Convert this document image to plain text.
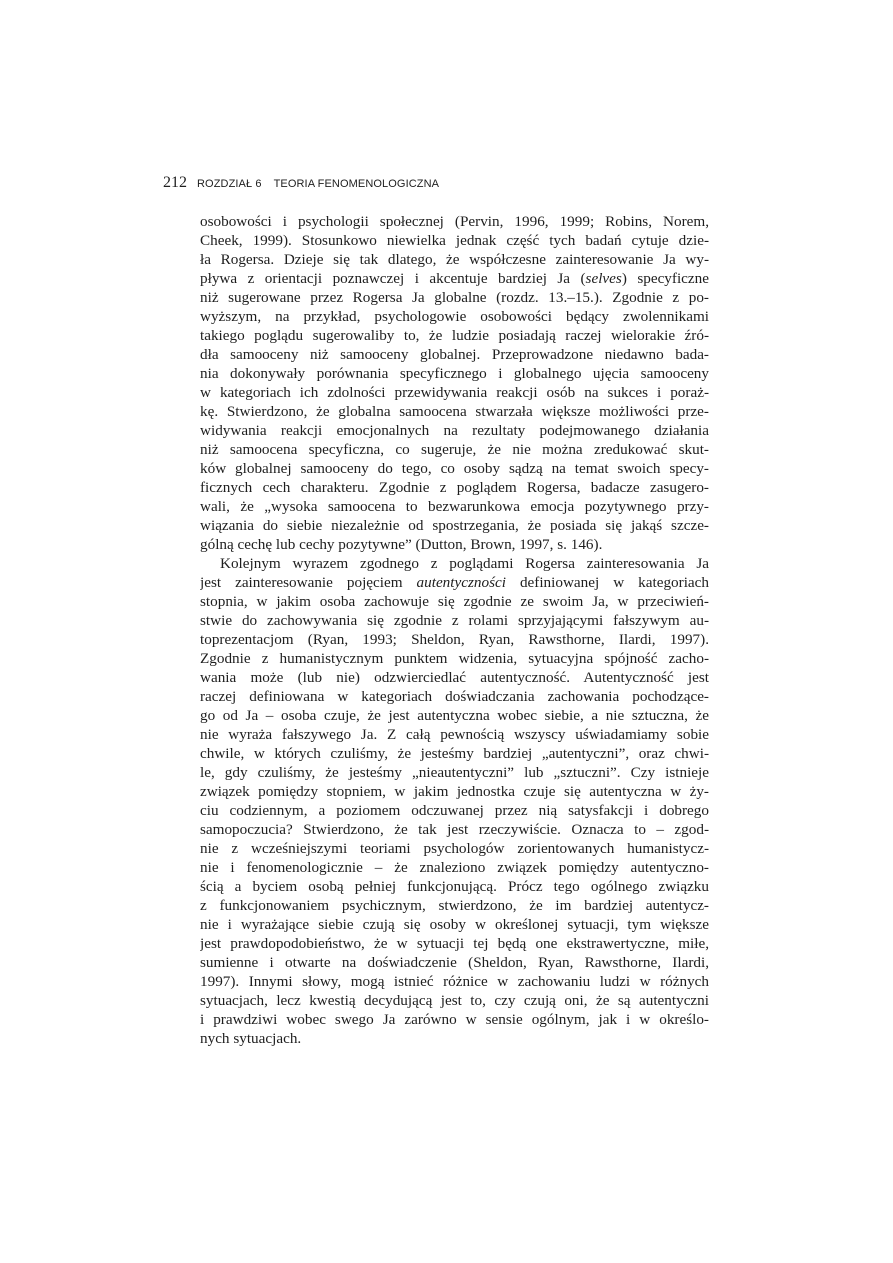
212 ROZDZIAŁ 6 TEORIA FENOMENOLOGICZNA
osobowości i psychologii społecznej (Pervin, 1996, 1999; Robins, Norem,
Cheek, 1999). Stosunkowo niewielka jednak część tych badań cytuje dzie-
ła Rogersa. Dzieje się tak dlatego, że współczesne zainteresowanie Ja wy-
pływa z orientacji poznawczej i akcentuje bardziej Ja (selves) specyficzne
niż sugerowane przez Rogersa Ja globalne (rozdz. 13.–15.). Zgodnie z po-
wyższym, na przykład, psychologowie osobowości będący zwolennikami
takiego poglądu sugerowaliby to, że ludzie posiadają raczej wielorakie źró-
dła samooceny niż samooceny globalnej. Przeprowadzone niedawno bada-
nia dokonywały porównania specyficznego i globalnego ujęcia samooceny
w kategoriach ich zdolności przewidywania reakcji osób na sukces i poraż-
kę. Stwierdzono, że globalna samoocena stwarzała większe możliwości prze-
widywania reakcji emocjonalnych na rezultaty podejmowanego działania
niż samoocena specyficzna, co sugeruje, że nie można zredukować skut-
ków globalnej samooceny do tego, co osoby sądzą na temat swoich specy-
ficznych cech charakteru. Zgodnie z poglądem Rogersa, badacze zasugero-
wali, że „wysoka samoocena to bezwarunkowa emocja pozytywnego przy-
wiązania do siebie niezależnie od spostrzegania, że posiada się jakąś szcze-
gólną cechę lub cechy pozytywne” (Dutton, Brown, 1997, s. 146).
Kolejnym wyrazem zgodnego z poglądami Rogersa zainteresowania Ja
jest zainteresowanie pojęciem autentyczności definiowanej w kategoriach
stopnia, w jakim osoba zachowuje się zgodnie ze swoim Ja, w przeciwień-
stwie do zachowywania się zgodnie z rolami sprzyjającymi fałszywym au-
toprezentacjom (Ryan, 1993; Sheldon, Ryan, Rawsthorne, Ilardi, 1997).
Zgodnie z humanistycznym punktem widzenia, sytuacyjna spójność zacho-
wania może (lub nie) odzwierciedlać autentyczność. Autentyczność jest
raczej definiowana w kategoriach doświadczania zachowania pochodzące-
go od Ja – osoba czuje, że jest autentyczna wobec siebie, a nie sztuczna, że
nie wyraża fałszywego Ja. Z całą pewnością wszyscy uświadamiamy sobie
chwile, w których czuliśmy, że jesteśmy bardziej „autentyczni”, oraz chwi-
le, gdy czuliśmy, że jesteśmy „nieautentyczni” lub „sztuczni”. Czy istnieje
związek pomiędzy stopniem, w jakim jednostka czuje się autentyczna w ży-
ciu codziennym, a poziomem odczuwanej przez nią satysfakcji i dobrego
samopoczucia? Stwierdzono, że tak jest rzeczywiście. Oznacza to – zgod-
nie z wcześniejszymi teoriami psychologów zorientowanych humanistycz-
nie i fenomenologicznie – że znaleziono związek pomiędzy autentyczno-
ścią a byciem osobą pełniej funkcjonującą. Prócz tego ogólnego związku
z funkcjonowaniem psychicznym, stwierdzono, że im bardziej autentycz-
nie i wyrażające siebie czują się osoby w określonej sytuacji, tym większe
jest prawdopodobieństwo, że w sytuacji tej będą one ekstrawertyczne, miłe,
sumienne i otwarte na doświadczenie (Sheldon, Ryan, Rawsthorne, Ilardi,
1997). Innymi słowy, mogą istnieć różnice w zachowaniu ludzi w różnych
sytuacjach, lecz kwestią decydującą jest to, czy czują oni, że są autentyczni
i prawdziwi wobec swego Ja zarówno w sensie ogólnym, jak i w określo-
nych sytuacjach.
